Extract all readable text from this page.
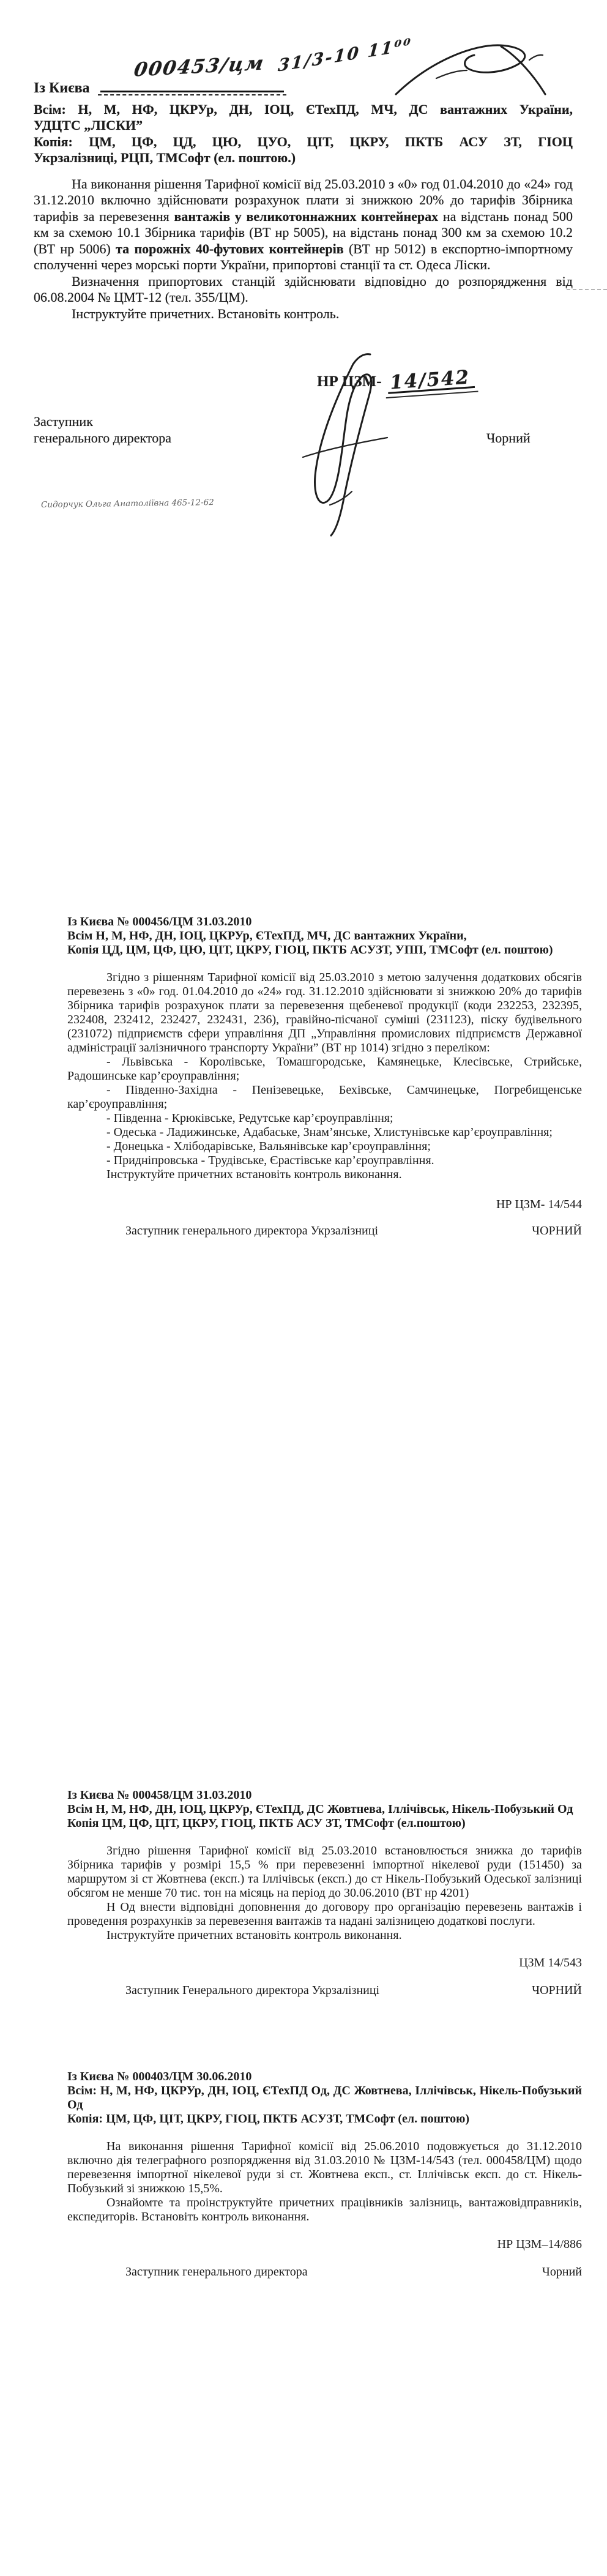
31/3-10 11⁰⁰
Із Києва
000453/цм

Всім: Н, М, НФ, ЦКРУр, ДН, ІОЦ, ЄТехПД, МЧ, ДС вантажних України,

УДЦТС „ЛІСКИ”

Копія: ЦМ, ЦФ, ЦД, ЦЮ, ЦУО, ЦІТ, ЦКРУ, ПКТБ АСУ ЗТ, ГІОЦ

Укрзалізниці, РЦП, ТМСофт (ел. поштою.)

На виконання рішення Тарифної комісії від 25.03.2010 з «0» год 01.04.2010 до «24» год 31.12.2010 включно здійснювати розрахунок плати зі знижкою 20% до тарифів Збірника тарифів за перевезення вантажів у великотоннажних контейнерах на відстань понад 500 км за схемою 10.1 Збірника тарифів (ВТ нр 5005), на відстань понад 300 км за схемою 10.2 (ВТ нр 5006) та порожніх 40-футових контейнерів (ВТ нр 5012) в експортно-імпортному сполученні через морські порти України, припортові станції та ст. Одеса Ліски.

Визначення припортових станцій здійснювати відповідно до розпорядження від 06.08.2004 № ЦМТ-12 (тел. 355/ЦМ).

Інструктуйте причетних. Встановіть контроль.

НР ЦЗМ- 14/542

Заступник

генерального директора	Чорний
Сидорчук Ольга Анатоліївна 465-12-62

Із Києва № 000456/ЦМ 31.03.2010

Всім Н, М, НФ, ДН, ІОЦ, ЦКРУр, ЄТехПД, МЧ, ДС вантажних України,

Копія ЦД, ЦМ, ЦФ, ЦЮ, ЦІТ, ЦКРУ, ГІОЦ, ПКТБ АСУЗТ, УПП, ТМСофт (ел. поштою)

Згідно з рішенням Тарифної комісії від 25.03.2010 з метою залучення додаткових обсягів перевезень з «0» год. 01.04.2010 до «24» год. 31.12.2010 здійснювати зі знижкою 20% до тарифів Збірника тарифів розрахунок плати за перевезення щебеневої продукції (коди 232253, 232395, 232408, 232412, 232427, 232431, 236), гравійно-пісчаної суміші (231123), піску будівельного (231072) підприємств сфери управління ДП „Управління промислових підприємств Державної адміністрації залізничного транспорту України” (ВТ нр 1014) згідно з переліком:

- Львівська - Королівське, Томашгородське, Камянецьке, Клесівське, Стрийське, Радошинське кар’єроуправління;

- Південно-Західна - Пенізевецьке, Бехівське, Самчинецьке, Погребищенське кар’єроуправління;

- Південна - Крюківське, Редутське кар’єроуправління;

- Одеська - Ладижинське, Адабаське, Знам’янське, Хлистунівське кар’єроуправління;

- Донецька - Хлібодарівське, Вальянівське кар’єроуправління;

- Придніпровська - Трудівське, Єрастівське кар’єроуправління.

Інструктуйте причетних встановіть контроль виконання.

НР ЦЗМ- 14/544

Заступник генерального директора Укрзалізниці	ЧОРНИЙ

Із Києва № 000458/ЦМ 31.03.2010

Всім Н, М, НФ, ДН, ІОЦ, ЦКРУр, ЄТехПД, ДС Жовтнева, Іллічівськ, Нікель-Побузький Од

Копія ЦМ, ЦФ, ЦІТ, ЦКРУ, ГІОЦ, ПКТБ АСУ ЗТ, ТМСофт (ел.поштою)

Згідно рішення Тарифної комісії від 25.03.2010 встановлюється знижка до тарифів Збірника тарифів у розмірі 15,5 % при перевезенні імпортної нікелевої руди (151450) за маршрутом зі ст Жовтнева (експ.) та Іллічівськ (експ.) до ст Нікель-Побузький Одеської залізниці обсягом не менше 70 тис. тон на місяць на період до 30.06.2010 (ВТ нр 4201)

Н Од внести відповідні доповнення до договору про організацію перевезень вантажів і проведення розрахунків за перевезення вантажів та надані залізницею додаткові послуги.

Інструктуйте причетних встановіть контроль виконання.

ЦЗМ 14/543

Заступник Генерального директора Укрзалізниці	ЧОРНИЙ

Із Києва № 000403/ЦМ 30.06.2010

Всім: Н, М, НФ, ЦКРУр, ДН, ІОЦ, ЄТехПД Од, ДС Жовтнева, Іллічівськ, Нікель-Побузький Од

Копія: ЦМ, ЦФ, ЦІТ, ЦКРУ, ГІОЦ, ПКТБ АСУЗТ, ТМСофт (ел. поштою)

На виконання рішення Тарифної комісії від 25.06.2010 подовжується до 31.12.2010 включно дія телеграфного розпорядження від 31.03.2010 № ЦЗМ-14/543 (тел. 000458/ЦМ) щодо перевезення імпортної нікелевої руди зі ст. Жовтнева експ., ст. Іллічівськ експ. до ст. Нікель-Побузький зі знижкою 15,5%.

Ознайомте та проінструктуйте причетних працівників залізниць, вантажовідправників, експедиторів. Встановіть контроль виконання.

НР ЦЗМ–14/886

Заступник генерального директора	Чорний
